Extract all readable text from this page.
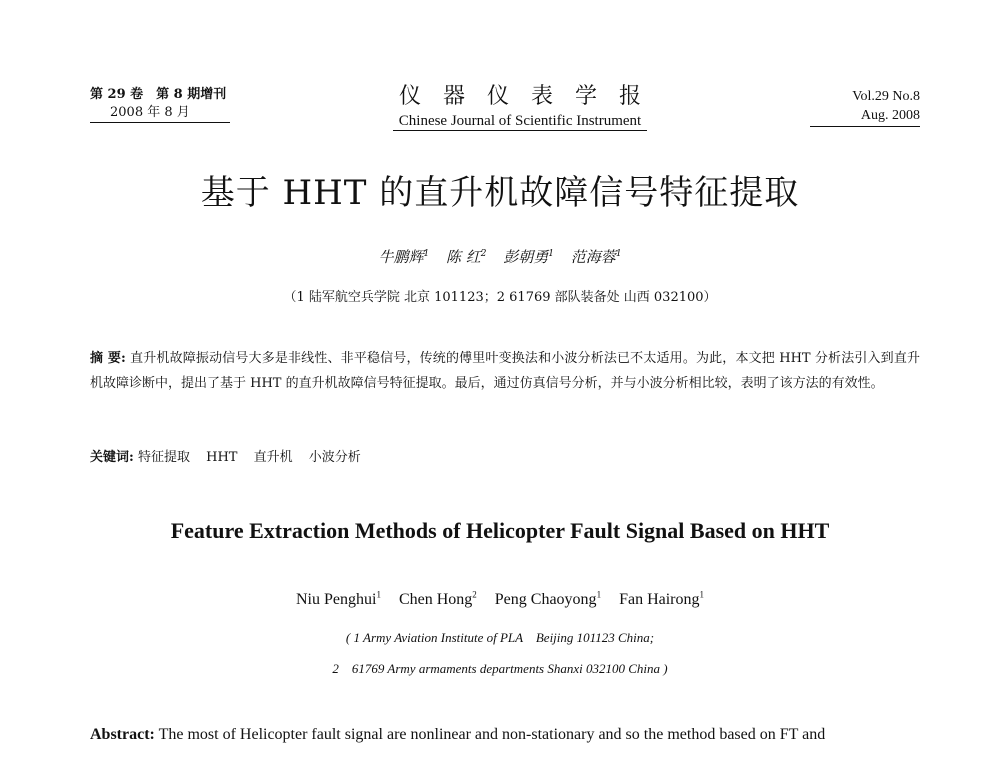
第 29 卷　第 8 期增刊
2008 年 8 月
仪器仪表学报
Chinese Journal of Scientific Instrument
Vol.29 No.8
Aug. 2008
基于 HHT 的直升机故障信号特征提取
牛鹏辉$^1$ 陈 红$^2$ 彭朝勇$^1$ 范海蓉$^1$
（1 陆军航空兵学院 北京 101123；2 61769 部队装备处 山西 032100）
摘 要: 直升机故障振动信号大多是非线性、非平稳信号，传统的傅里叶变换法和小波分析法已不太适用。为此，本文把 HHT 分析法引入到直升机故障诊断中，提出了基于 HHT 的直升机故障信号特征提取。最后，通过仿真信号分析，并与小波分析相比较，表明了该方法的有效性。
关键词: 特征提取 HHT 直升机 小波分析
Feature Extraction Methods of Helicopter Fault Signal Based on HHT
Niu Penghui$^1$ Chen Hong$^2$ Peng Chaoyong$^1$ Fan Hairong$^1$
( 1 Army Aviation Institute of PLA　Beijing 101123 China;
2　61769 Army armaments departments Shanxi 032100 China )
Abstract: The most of Helicopter fault signal are nonlinear and non-stationary and so the method based on FT and
